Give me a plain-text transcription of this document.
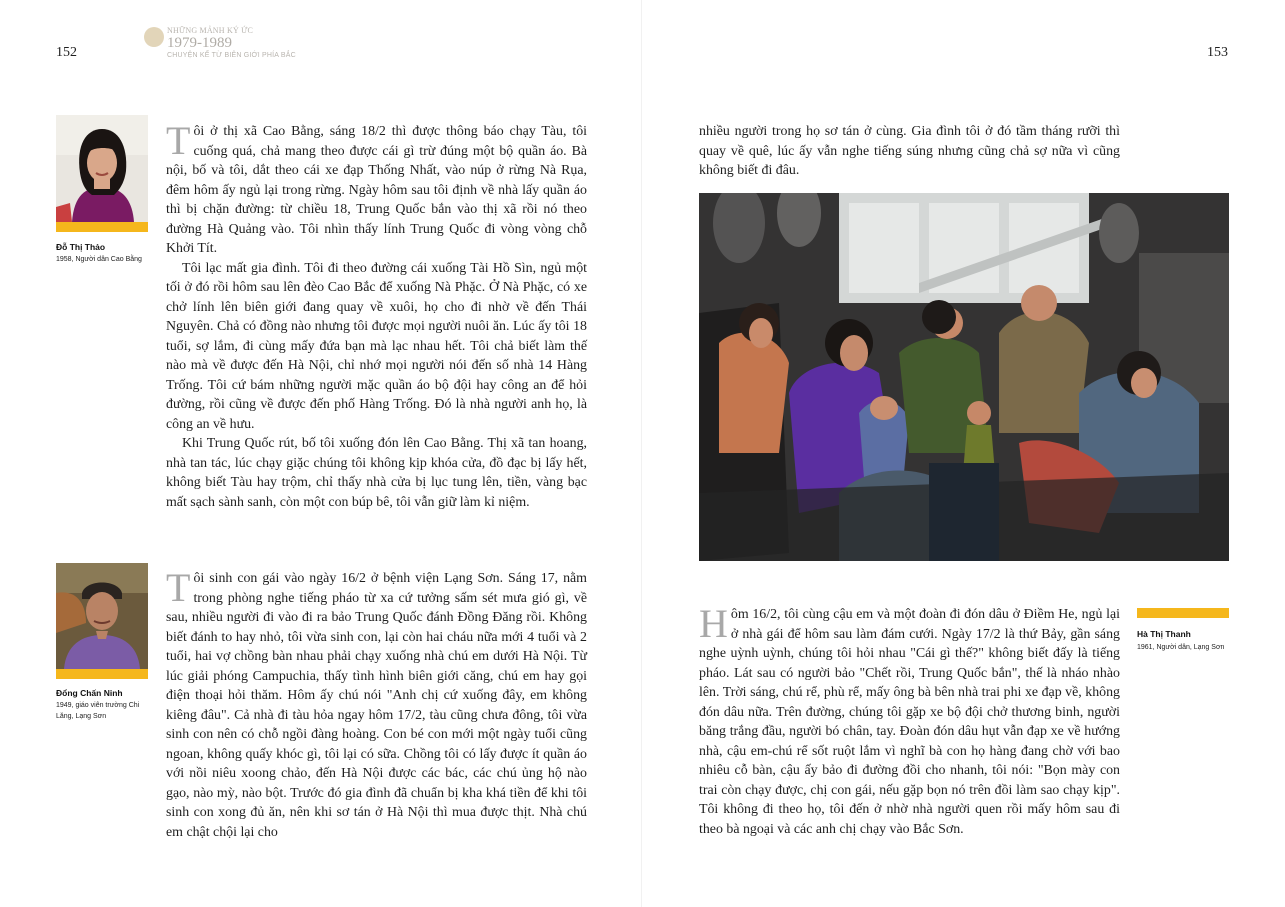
152
NHỮNG MẢNH KÝ ỨC
1979-1989
CHUYỆN KỂ TỪ BIÊN GIỚI PHÍA BẮC
Đỗ Thị Thảo
1958, Người dân Cao Bằng

Tôi ở thị xã Cao Bằng, sáng 18/2 thì được thông báo chạy Tàu, tôi cuống quá, chả mang theo được cái gì trừ đúng một bộ quần áo. Bà nội, bố và tôi, dắt theo cái xe đạp Thống Nhất, vào núp ở rừng Nà Rụa, đêm hôm ấy ngủ lại trong rừng. Ngày hôm sau tôi định về nhà lấy quần áo thì bị chặn đường: từ chiều 18, Trung Quốc bắn vào thị xã rồi nó theo đường Hà Quảng vào. Tôi nhìn thấy lính Trung Quốc đi vòng vòng chỗ Khởi Tít.

Tôi lạc mất gia đình. Tôi đi theo đường cái xuống Tài Hồ Sìn, ngủ một tối ở đó rồi hôm sau lên đèo Cao Bắc để xuống Nà Phặc. Ở Nà Phặc, có xe chở lính lên biên giới đang quay về xuôi, họ cho đi nhờ về đến Thái Nguyên. Chả có đồng nào nhưng tôi được mọi người nuôi ăn. Lúc ấy tôi 18 tuổi, sợ lắm, đi cùng mấy đứa bạn mà lạc nhau hết. Tôi chả biết làm thế nào mà về được đến Hà Nội, chỉ nhớ mọi người nói đến số nhà 14 Hàng Trống. Tôi cứ bám những người mặc quần áo bộ đội hay công an để hỏi đường, rồi cũng về được đến phố Hàng Trống. Đó là nhà người anh họ, là công an về hưu.

Khi Trung Quốc rút, bố tôi xuống đón lên Cao Bằng. Thị xã tan hoang, nhà tan tác, lúc chạy giặc chúng tôi không kịp khóa cửa, đồ đạc bị lấy hết, không biết Tàu hay trộm, chỉ thấy nhà cửa bị lục tung lên, tiền, vàng bạc mất sạch sành sanh, còn một con búp bê, tôi vẫn giữ làm kỉ niệm.

Đổng Chấn Ninh
1949, giáo viên trường Chi Lăng, Lạng Sơn

Tôi sinh con gái vào ngày 16/2 ở bệnh viện Lạng Sơn. Sáng 17, nằm trong phòng nghe tiếng pháo từ xa cứ tưởng sấm sét mưa gió gì, về sau, nhiều người đi vào đi ra bảo Trung Quốc đánh Đồng Đăng rồi. Không biết đánh to hay nhỏ, tôi vừa sinh con, lại còn hai cháu nữa mới 4 tuổi và 2 tuổi, hai vợ chồng bàn nhau phải chạy xuống nhà chú em dưới Hà Nội. Từ lúc giải phóng Campuchia, thấy tình hình biên giới căng, chú em hay gọi điện thoại hỏi thăm. Hôm ấy chú nói "Anh chị cứ xuống đây, em không kiêng đâu". Cả nhà đi tàu hỏa ngay hôm 17/2, tàu cũng chưa đông, tôi vừa sinh con nên có chỗ ngồi đàng hoàng. Con bé con mới một ngày tuổi cũng ngoan, không quấy khóc gì, tôi lại có sữa. Chồng tôi có lấy được ít quần áo với nồi niêu xoong chảo, đến Hà Nội được các bác, các chú ủng hộ nào gạo, nào mỳ, nào bột. Trước đó gia đình đã chuẩn bị kha khá tiền để khi tôi sinh con xong đủ ăn, nên khi sơ tán ở Hà Nội thì mua được thịt. Nhà chú em chật chội lại cho

153

nhiều người trong họ sơ tán ở cùng. Gia đình tôi ở đó tầm tháng rưỡi thì quay về quê, lúc ấy vẫn nghe tiếng súng nhưng cũng chả sợ nữa vì cũng không biết đi đâu.

Hôm 16/2, tôi cùng cậu em và một đoàn đi đón dâu ở Điềm He, ngủ lại ở nhà gái để hôm sau làm đám cưới. Ngày 17/2 là thứ Bảy, gần sáng nghe uỳnh uỳnh, chúng tôi hỏi nhau "Cái gì thế?" không biết đấy là tiếng pháo. Lát sau có người bảo "Chết rồi, Trung Quốc bắn", thế là nháo nhào lên. Trời sáng, chú rể, phù rể, mấy ông bà bên nhà trai phi xe đạp về, không đón dâu nữa. Trên đường, chúng tôi gặp xe bộ đội chở thương binh, người băng trắng đầu, người bó chân, tay. Đoàn đón dâu hụt vẫn đạp xe về hướng nhà, cậu em-chú rể sốt ruột lắm vì nghĩ bà con họ hàng đang chờ với bao nhiêu cỗ bàn, cậu ấy bảo đi đường đồi cho nhanh, tôi nói: "Bọn mày con trai còn chạy được, chị con gái, nếu gặp bọn nó trên đồi làm sao chạy kịp". Tôi không đi theo họ, tôi đến ở nhờ nhà người quen rồi mấy hôm sau đi theo bà ngoại và các anh chị chạy vào Bắc Sơn.

Hà Thị Thanh
1961, Người dân, Lạng Sơn
